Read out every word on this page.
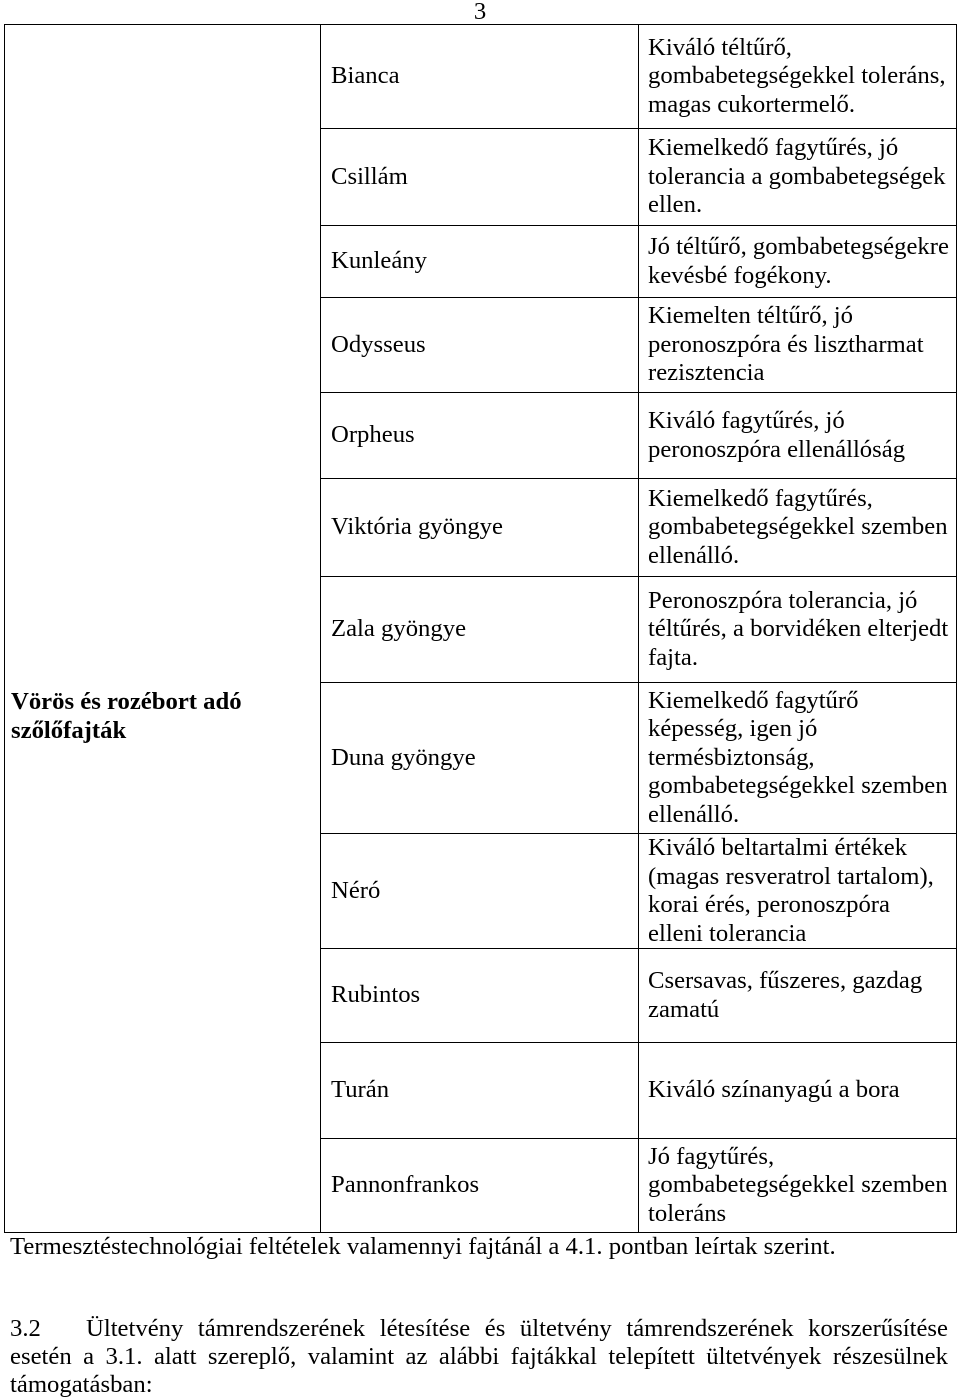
3
Vörös és rozébort adó
szőlőfajták	Bianca	Kiváló téltűrő,
gombabetegségekkel toleráns,
magas cukortermelő.
	Csillám	Kiemelkedő fagytűrés, jó
tolerancia a gombabetegségek
ellen.
	Kunleány	Jó téltűrő, gombabetegségekre
kevésbé fogékony.
	Odysseus	Kiemelten téltűrő, jó
peronoszpóra és lisztharmat
rezisztencia
	Orpheus	Kiváló fagytűrés, jó
peronoszpóra ellenállóság
	Viktória gyöngye	Kiemelkedő fagytűrés,
gombabetegségekkel szemben
ellenálló.
	Zala gyöngye	Peronoszpóra tolerancia, jó
téltűrés, a borvidéken elterjedt
fajta.
	Duna gyöngye	Kiemelkedő fagytűrő
képesség, igen jó
termésbiztonság,
gombabetegségekkel szemben
ellenálló.
	Néró	Kiváló beltartalmi értékek
(magas resveratrol tartalom),
korai érés, peronoszpóra
elleni tolerancia
	Rubintos	Csersavas, fűszeres, gazdag
zamatú
	Turán	Kiváló színanyagú a bora
	Pannonfrankos	Jó fagytűrés,
gombabetegségekkel szemben
toleráns
Termesztéstechnológiai feltételek valamennyi fajtánál a 4.1. pontban leírtak szerint.
3.2	Ültetvény támrendszerének létesítése és ültetvény támrendszerének korszerűsítése
esetén a 3.1. alatt szereplő, valamint az alábbi fajtákkal telepített ültetvények részesülnek
támogatásban:
